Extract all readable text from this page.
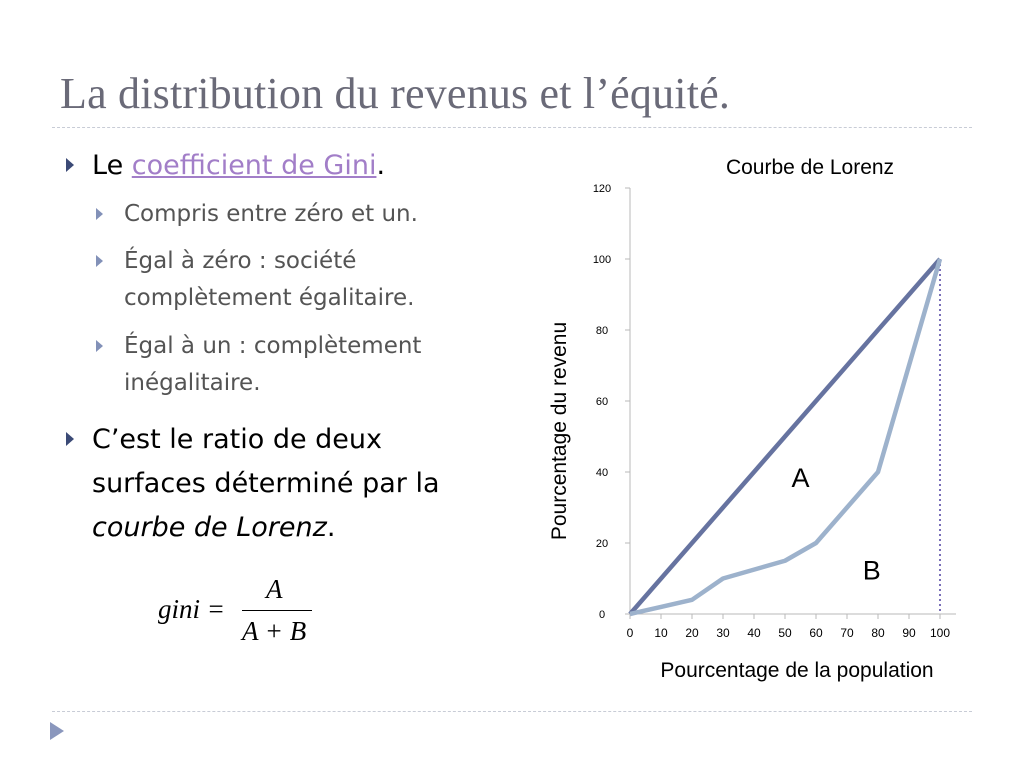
La distribution du revenus et l’équité.
Le coefficient de Gini.
Compris entre zéro et un.
Égal à zéro : société
complètement égalitaire.
Égal à un : complètement
inégalitaire.
C’est le ratio de deux
surfaces déterminé par la
courbe de Lorenz.
gini =
A
A + B
Courbe de Lorenz
0
20
40
60
80
100
120
0 10 20 30 40 50 60 70 80 90 100
Pourcentage de la population
Pourcentage du revenu	A
B
